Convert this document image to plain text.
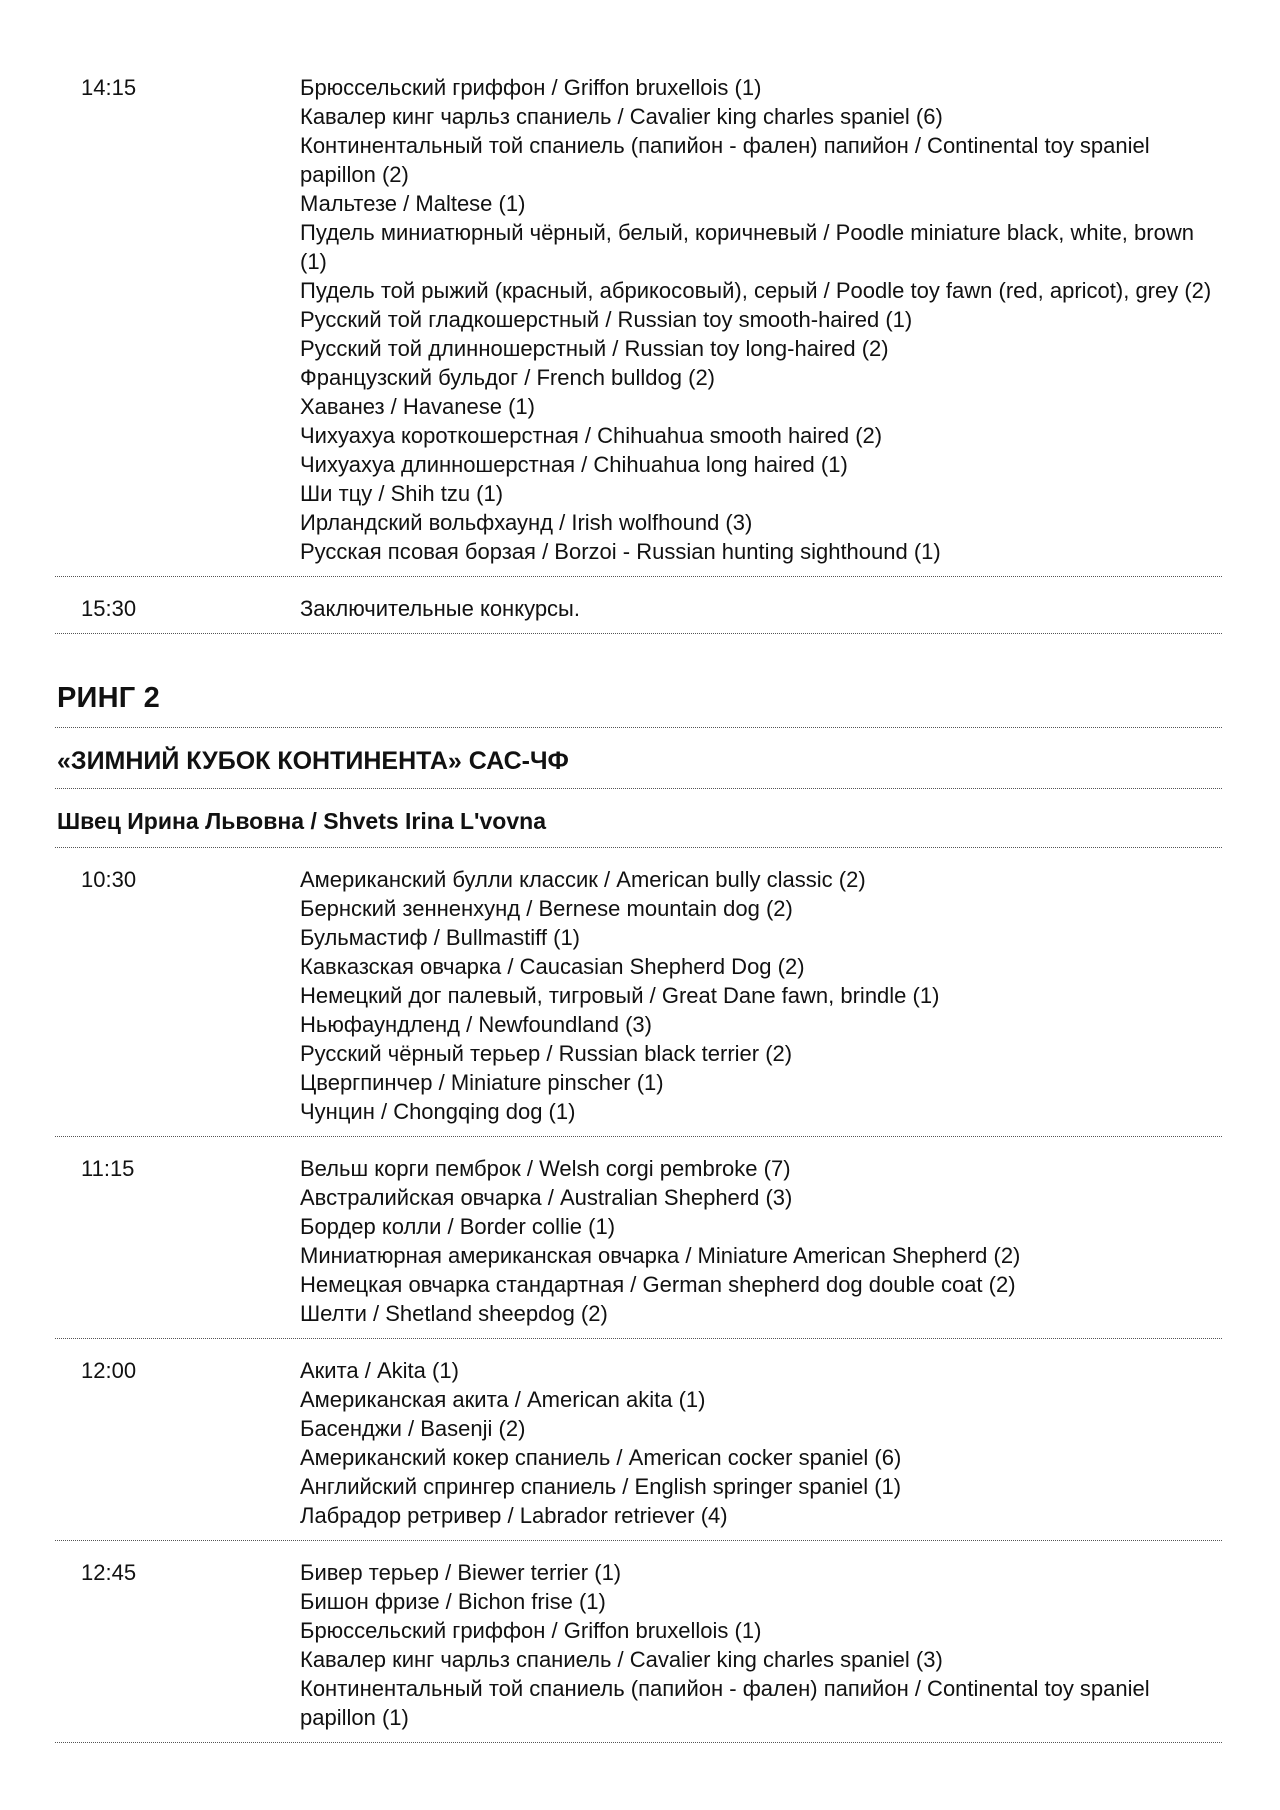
14:15	Брюссельский гриффон / Griffon bruxellois (1)
Кавалер кинг чарльз спаниель / Cavalier king charles spaniel (6)
Континентальный той спаниель (папийон - фален) папийон / Continental toy spaniel papillon (2)
Мальтезе / Maltese (1)
Пудель миниатюрный чёрный, белый, коричневый / Poodle miniature black, white, brown (1)
Пудель той рыжий (красный, абрикосовый), серый / Poodle toy fawn (red, apricot), grey (2)
Русский той гладкошерстный / Russian toy smooth-haired (1)
Русский той длинношерстный / Russian toy long-haired (2)
Французский бульдог / French bulldog (2)
Хаванез / Havanese (1)
Чихуахуа короткошерстная / Chihuahua smooth haired (2)
Чихуахуа длинношерстная / Chihuahua long haired (1)
Ши тцу / Shih tzu (1)
Ирландский вольфхаунд / Irish wolfhound (3)
Русская псовая борзая / Borzoi - Russian hunting sighthound (1)
15:30	Заключительные конкурсы.
РИНГ 2
«ЗИМНИЙ КУБОК КОНТИНЕНТА» САС-ЧФ
Швец Ирина Львовна / Shvets Irina L'vovna
10:30	Американский булли классик / American bully classic (2)
Бернский зенненхунд / Bernese mountain dog (2)
Бульмастиф / Bullmastiff (1)
Кавказская овчарка / Caucasian Shepherd Dog (2)
Немецкий дог палевый, тигровый / Great Dane fawn, brindle (1)
Ньюфаундленд / Newfoundland (3)
Русский чёрный терьер / Russian black terrier (2)
Цвергпинчер / Miniature pinscher (1)
Чунцин / Chongqing dog (1)
11:15	Вельш корги пемброк / Welsh corgi pembroke (7)
Австралийская овчарка / Australian Shepherd (3)
Бордер колли / Border collie (1)
Миниатюрная американская овчарка / Miniature American Shepherd (2)
Немецкая овчарка стандартная / German shepherd dog double coat (2)
Шелти / Shetland sheepdog (2)
12:00	Акита / Akita (1)
Американская акита / American akita (1)
Басенджи / Basenji (2)
Американский кокер спаниель / American cocker spaniel (6)
Английский спрингер спаниель / English springer spaniel (1)
Лабрадор ретривер / Labrador retriever (4)
12:45	Бивер терьер / Biewer terrier (1)
Бишон фризе / Bichon frise (1)
Брюссельский гриффон / Griffon bruxellois (1)
Кавалер кинг чарльз спаниель / Cavalier king charles spaniel (3)
Континентальный той спаниель (папийон - фален) папийон / Continental toy spaniel papillon (1)
